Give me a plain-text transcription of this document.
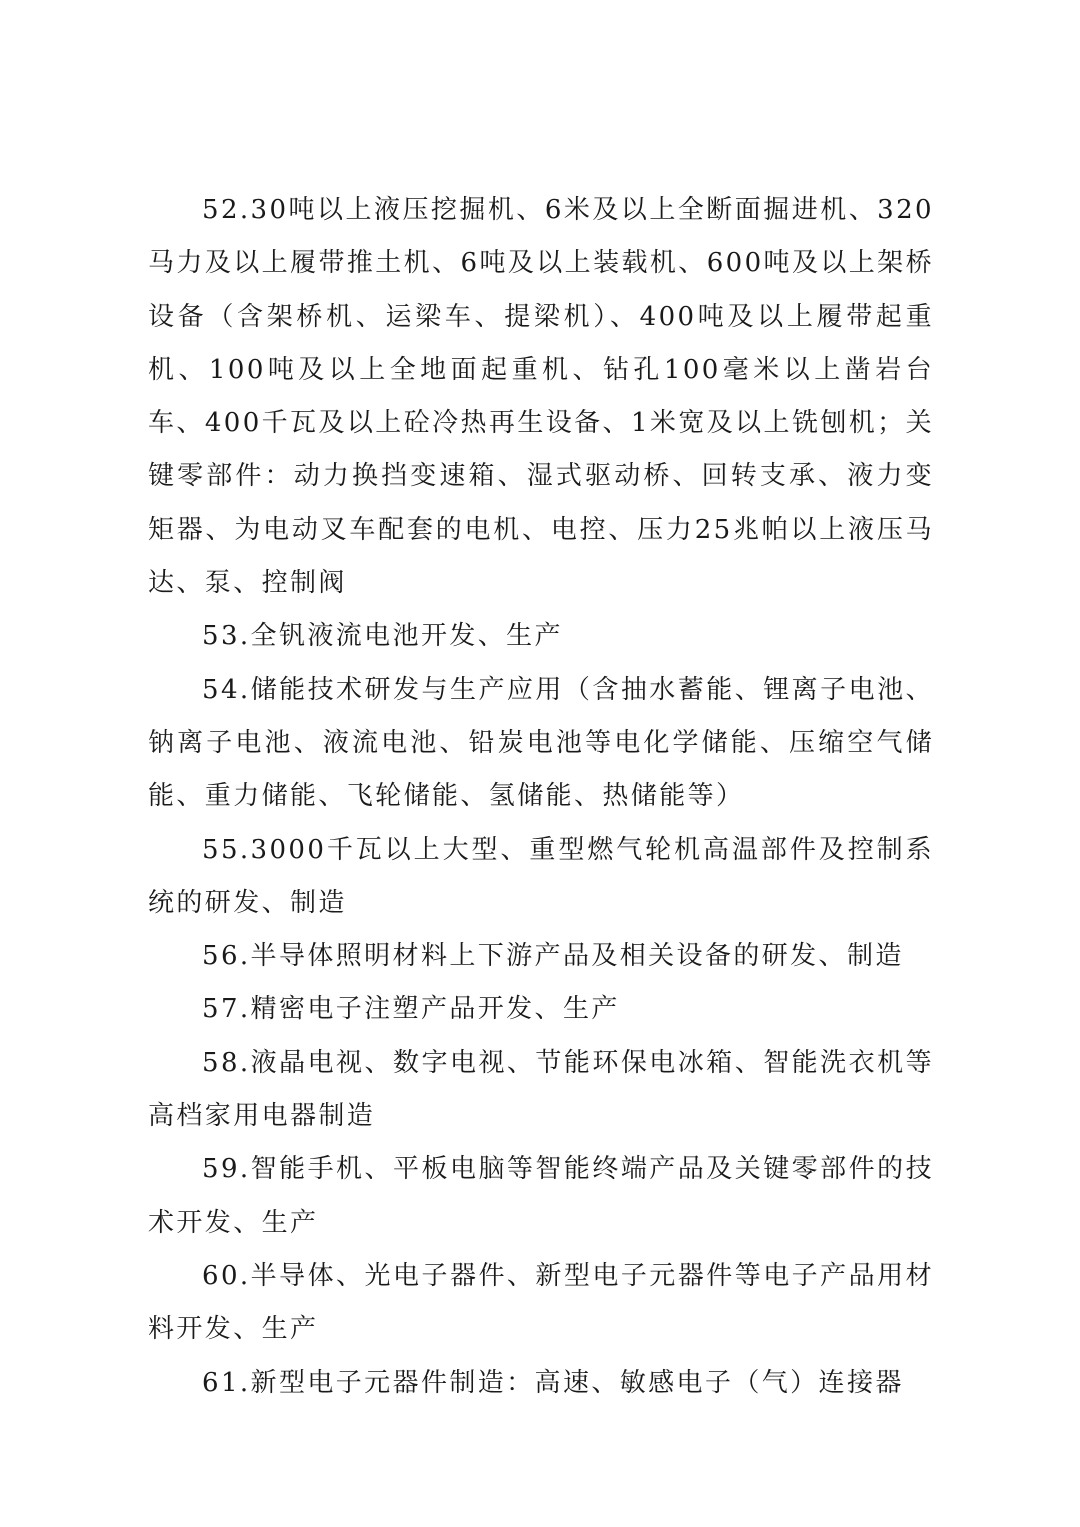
52.30吨以上液压挖掘机、6米及以上全断面掘进机、320马力及以上履带推土机、6吨及以上装载机、600吨及以上架桥设备（含架桥机、运梁车、提梁机）、400吨及以上履带起重机、100吨及以上全地面起重机、钻孔100毫米以上凿岩台车、400千瓦及以上砼冷热再生设备、1米宽及以上铣刨机；关键零部件：动力换挡变速箱、湿式驱动桥、回转支承、液力变矩器、为电动叉车配套的电机、电控、压力25兆帕以上液压马达、泵、控制阀

53.全钒液流电池开发、生产

54.储能技术研发与生产应用（含抽水蓄能、锂离子电池、钠离子电池、液流电池、铅炭电池等电化学储能、压缩空气储能、重力储能、飞轮储能、氢储能、热储能等）

55.3000千瓦以上大型、重型燃气轮机高温部件及控制系统的研发、制造

56.半导体照明材料上下游产品及相关设备的研发、制造

57.精密电子注塑产品开发、生产

58.液晶电视、数字电视、节能环保电冰箱、智能洗衣机等高档家用电器制造

59.智能手机、平板电脑等智能终端产品及关键零部件的技术开发、生产

60.半导体、光电子器件、新型电子元器件等电子产品用材料开发、生产

61.新型电子元器件制造：高速、敏感电子（气）连接器
